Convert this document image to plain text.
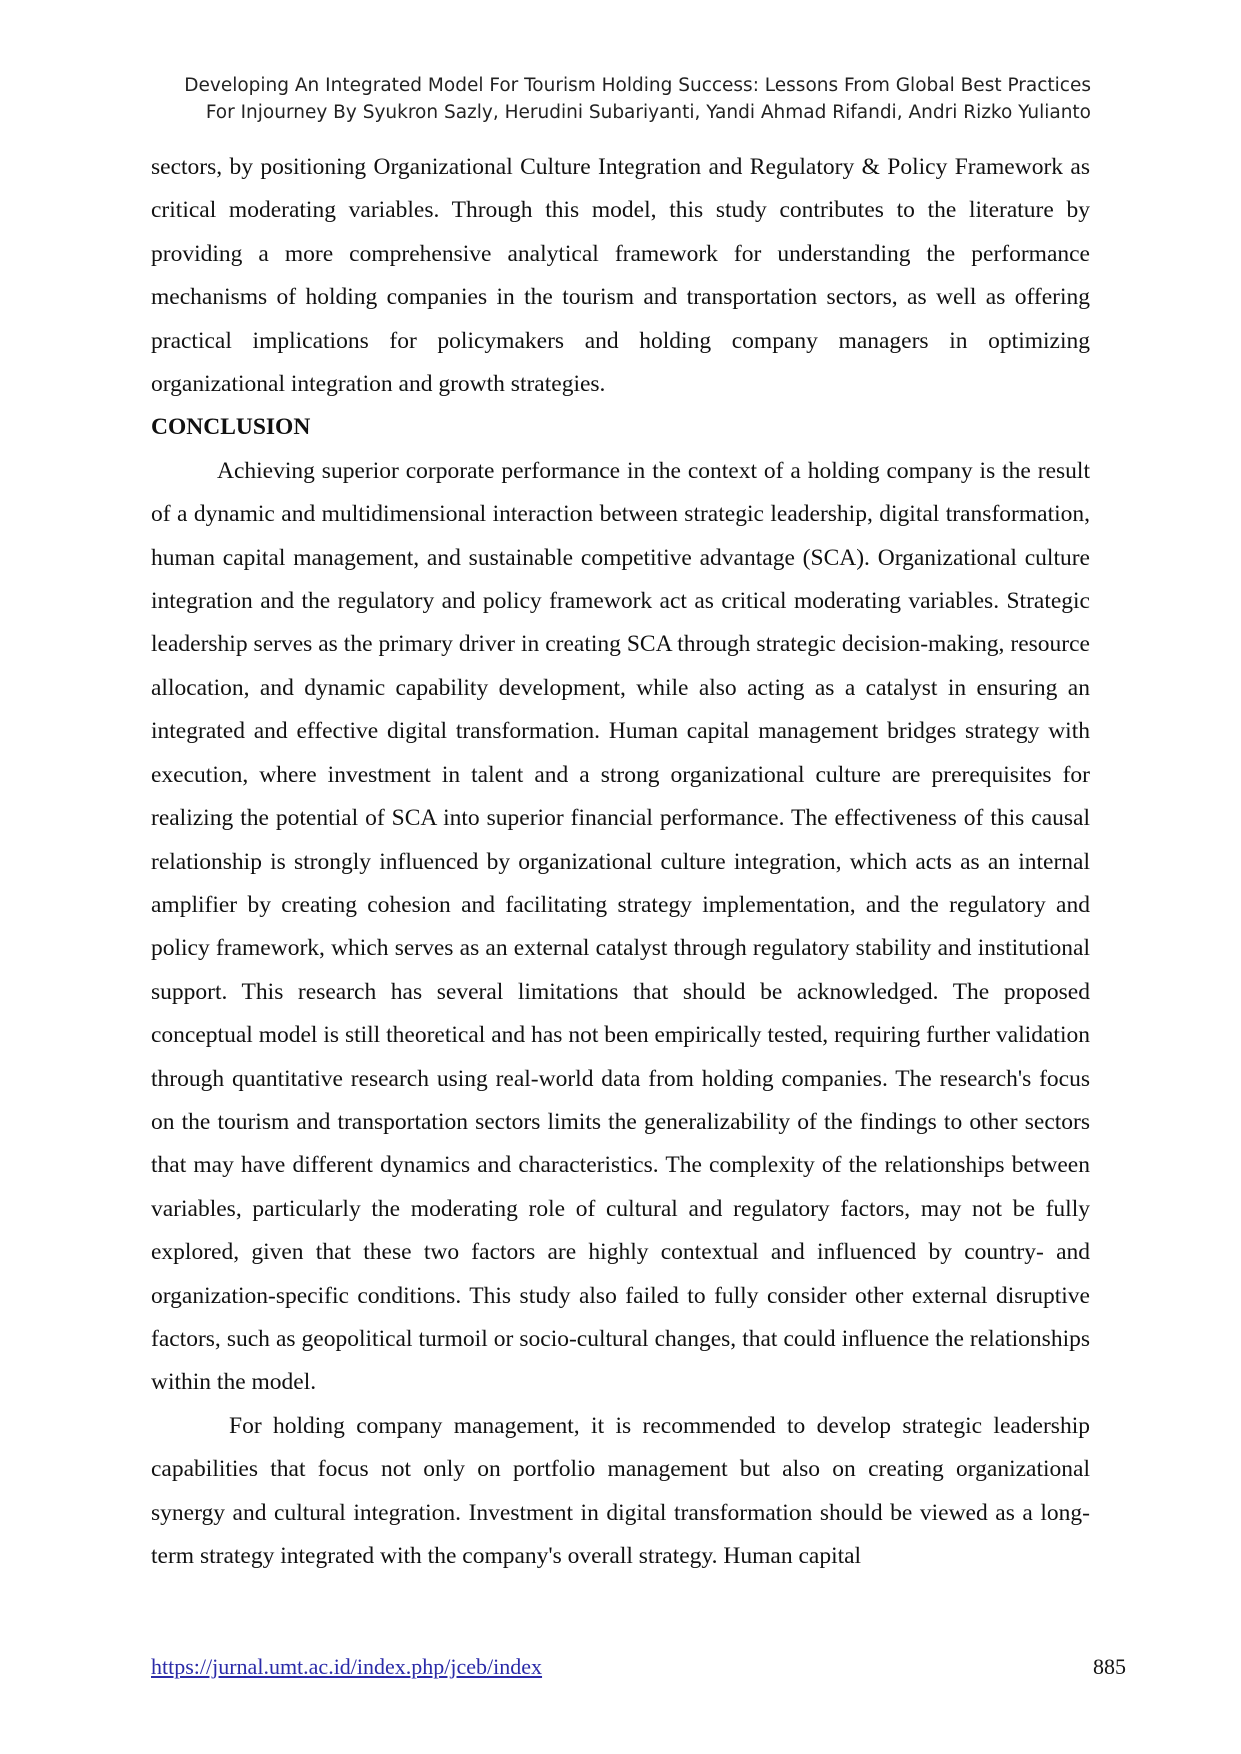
Developing An Integrated Model For Tourism Holding Success: Lessons From Global Best Practices
For Injourney By Syukron Sazly, Herudini Subariyanti, Yandi Ahmad Rifandi, Andri Rizko Yulianto

sectors, by positioning Organizational Culture Integration and Regulatory & Policy Framework as critical moderating variables. Through this model, this study contributes to the literature by providing a more comprehensive analytical framework for understanding the performance mechanisms of holding companies in the tourism and transportation sectors, as well as offering practical implications for policymakers and holding company managers in optimizing organizational integration and growth strategies.

CONCLUSION

Achieving superior corporate performance in the context of a holding company is the result of a dynamic and multidimensional interaction between strategic leadership, digital transformation, human capital management, and sustainable competitive advantage (SCA). Organizational culture integration and the regulatory and policy framework act as critical moderating variables. Strategic leadership serves as the primary driver in creating SCA through strategic decision-making, resource allocation, and dynamic capability development, while also acting as a catalyst in ensuring an integrated and effective digital transformation. Human capital management bridges strategy with execution, where investment in talent and a strong organizational culture are prerequisites for realizing the potential of SCA into superior financial performance. The effectiveness of this causal relationship is strongly influenced by organizational culture integration, which acts as an internal amplifier by creating cohesion and facilitating strategy implementation, and the regulatory and policy framework, which serves as an external catalyst through regulatory stability and institutional support. This research has several limitations that should be acknowledged. The proposed conceptual model is still theoretical and has not been empirically tested, requiring further validation through quantitative research using real-world data from holding companies. The research's focus on the tourism and transportation sectors limits the generalizability of the findings to other sectors that may have different dynamics and characteristics. The complexity of the relationships between variables, particularly the moderating role of cultural and regulatory factors, may not be fully explored, given that these two factors are highly contextual and influenced by country- and organization-specific conditions. This study also failed to fully consider other external disruptive factors, such as geopolitical turmoil or socio-cultural changes, that could influence the relationships within the model.

For holding company management, it is recommended to develop strategic leadership capabilities that focus not only on portfolio management but also on creating organizational synergy and cultural integration. Investment in digital transformation should be viewed as a long-term strategy integrated with the company's overall strategy. Human capital

https://jurnal.umt.ac.id/index.php/jceb/index	885
